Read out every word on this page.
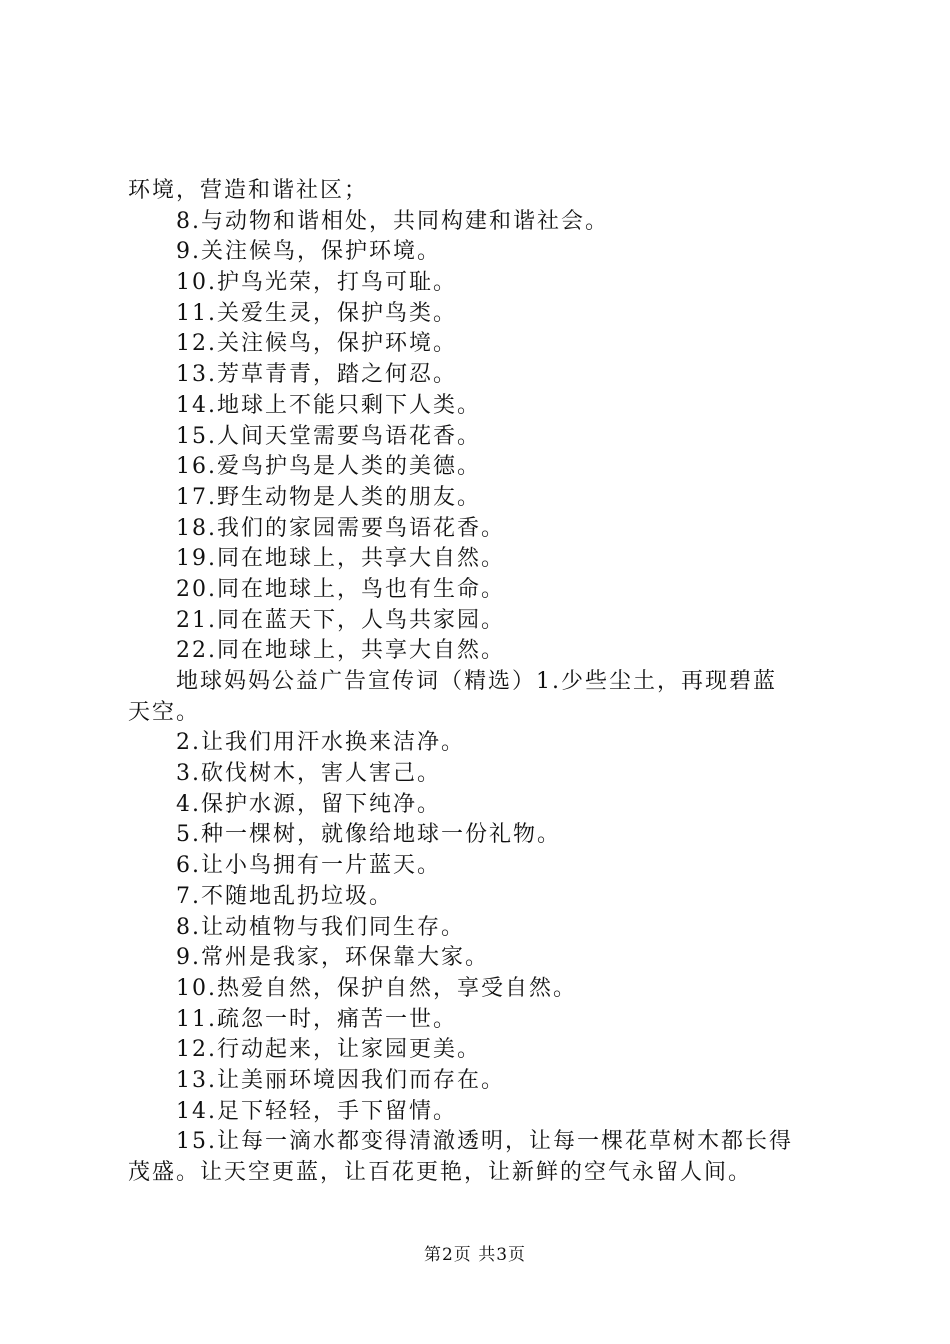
环境，营造和谐社区；
8.与动物和谐相处，共同构建和谐社会。
9.关注候鸟，保护环境。
10.护鸟光荣，打鸟可耻。
11.关爱生灵，保护鸟类。
12.关注候鸟，保护环境。
13.芳草青青，踏之何忍。
14.地球上不能只剩下人类。
15.人间天堂需要鸟语花香。
16.爱鸟护鸟是人类的美德。
17.野生动物是人类的朋友。
18.我们的家园需要鸟语花香。
19.同在地球上，共享大自然。
20.同在地球上，鸟也有生命。
21.同在蓝天下，人鸟共家园。
22.同在地球上，共享大自然。
地球妈妈公益广告宣传词（精选）1.少些尘土，再现碧蓝
天空。
2.让我们用汗水换来洁净。
3.砍伐树木，害人害己。
4.保护水源，留下纯净。
5.种一棵树，就像给地球一份礼物。
6.让小鸟拥有一片蓝天。
7.不随地乱扔垃圾。
8.让动植物与我们同生存。
9.常州是我家，环保靠大家。
10.热爱自然，保护自然，享受自然。
11.疏忽一时，痛苦一世。
12.行动起来，让家园更美。
13.让美丽环境因我们而存在。
14.足下轻轻，手下留情。
15.让每一滴水都变得清澈透明，让每一棵花草树木都长得
茂盛。让天空更蓝，让百花更艳，让新鲜的空气永留人间。
第2页 共3页
